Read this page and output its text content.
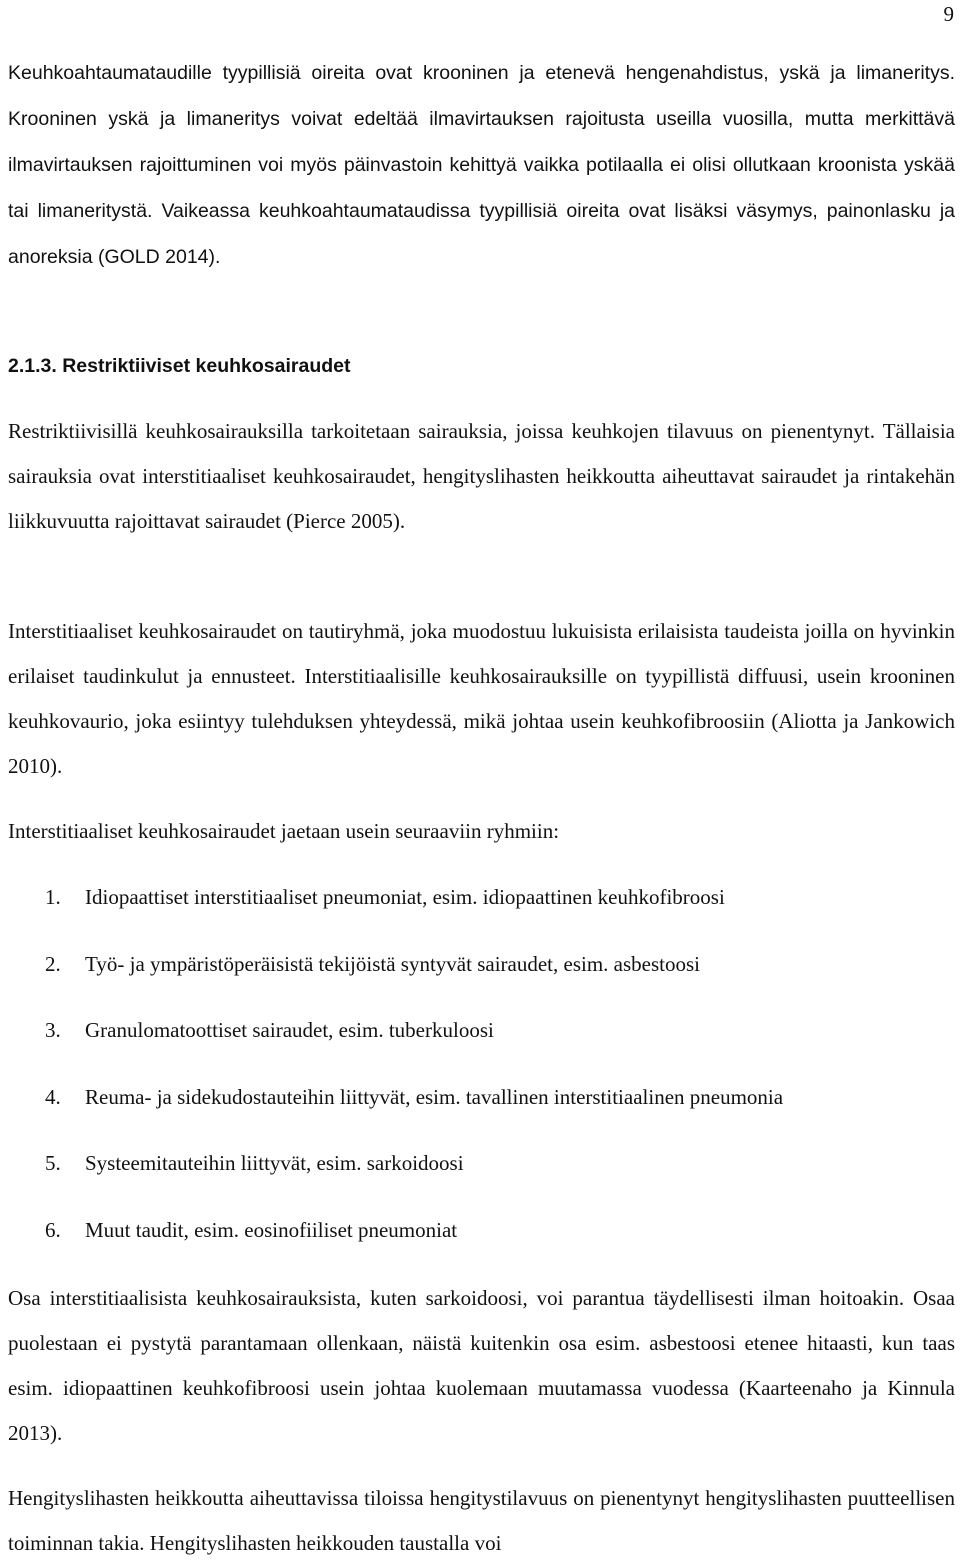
9

Keuhkoahtaumataudille tyypillisiä oireita ovat krooninen ja etenevä hengenahdistus, yskä ja limaneritys. Krooninen yskä ja limaneritys voivat edeltää ilmavirtauksen rajoitusta useilla vuosilla, mutta merkittävä ilmavirtauksen rajoittuminen voi myös päinvastoin kehittyä vaikka potilaalla ei olisi ollutkaan kroonista yskää tai limaneritystä. Vaikeassa keuhkoahtaumataudissa tyypillisiä oireita ovat lisäksi väsymys, painonlasku ja anoreksia (GOLD 2014).

2.1.3. Restriktiiviset keuhkosairaudet

Restriktiivisillä keuhkosairauksilla tarkoitetaan sairauksia, joissa keuhkojen tilavuus on pienentynyt. Tällaisia sairauksia ovat interstitiaaliset keuhkosairaudet, hengityslihasten heikkoutta aiheuttavat sairaudet ja rintakehän liikkuvuutta rajoittavat sairaudet (Pierce 2005).

Interstitiaaliset keuhkosairaudet on tautiryhmä, joka muodostuu lukuisista erilaisista taudeista joilla on hyvinkin erilaiset taudinkulut ja ennusteet. Interstitiaalisille keuhkosairauksille on tyypillistä diffuusi, usein krooninen keuhkovaurio, joka esiintyy tulehduksen yhteydessä, mikä johtaa usein keuhkofibroosiin (Aliotta ja Jankowich 2010).

Interstitiaaliset keuhkosairaudet jaetaan usein seuraaviin ryhmiin:

1.	Idiopaattiset interstitiaaliset pneumoniat, esim. idiopaattinen keuhkofibroosi
2.	Työ- ja ympäristöperäisistä tekijöistä syntyvät sairaudet, esim. asbestoosi
3.	Granulomatoottiset sairaudet, esim. tuberkuloosi
4.	Reuma- ja sidekudostauteihin liittyvät, esim. tavallinen interstitiaalinen pneumonia
5.	Systeemitauteihin liittyvät, esim. sarkoidoosi
6.	Muut taudit, esim. eosinofiiliset pneumoniat

Osa interstitiaalisista keuhkosairauksista, kuten sarkoidoosi, voi parantua täydellisesti ilman hoitoakin. Osaa puolestaan ei pystytä parantamaan ollenkaan, näistä kuitenkin osa esim. asbestoosi etenee hitaasti, kun taas esim. idiopaattinen keuhkofibroosi usein johtaa kuolemaan muutamassa vuodessa (Kaarteenaho ja Kinnula 2013).

Hengityslihasten heikkoutta aiheuttavissa tiloissa hengitystilavuus on pienentynyt hengityslihasten puutteellisen toiminnan takia. Hengityslihasten heikkouden taustalla voi
